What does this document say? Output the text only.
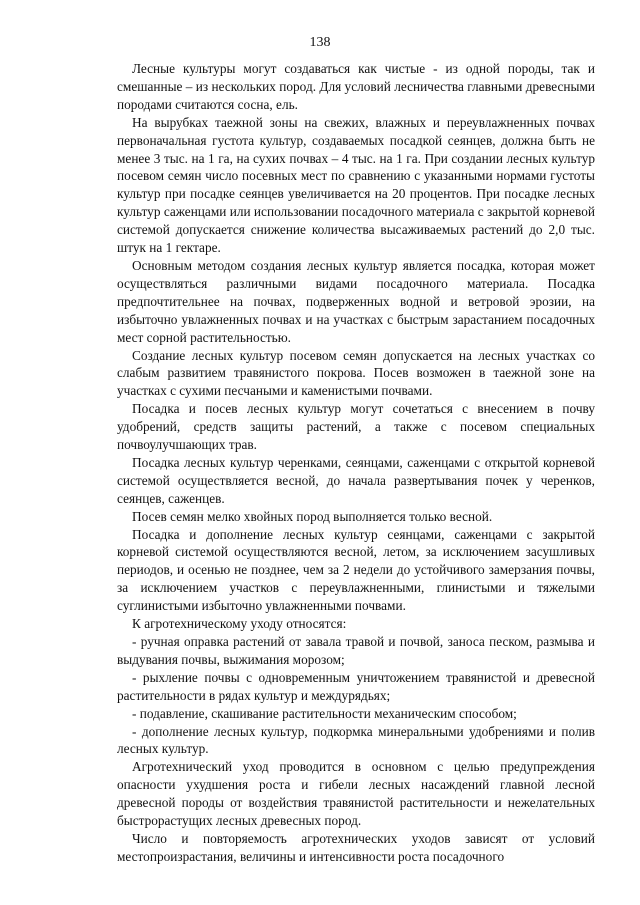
138

Лесные культуры могут создаваться как чистые - из одной породы, так и смешанные – из нескольких пород. Для условий лесничества главными древесными породами считаются сосна, ель.

На вырубках таежной зоны на свежих, влажных и переувлажненных почвах первоначальная густота культур, создаваемых посадкой сеянцев, должна быть не менее 3 тыс. на 1 га, на сухих почвах – 4 тыс. на 1 га. При создании лесных культур посевом семян число посевных мест по сравнению с указанными нормами густоты культур при посадке сеянцев увеличивается на 20 процентов. При посадке лесных культур саженцами или использовании посадочного материала с закрытой корневой системой допускается снижение количества высаживаемых растений до 2,0 тыс. штук на 1 гектаре.

Основным методом создания лесных культур является посадка, которая может осуществляться различными видами посадочного материала. Посадка предпочтительнее на почвах, подверженных водной и ветровой эрозии, на избыточно увлажненных почвах и на участках с быстрым зарастанием посадочных мест сорной растительностью.

Создание лесных культур посевом семян допускается на лесных участках со слабым развитием травянистого покрова. Посев возможен в таежной зоне на участках с сухими песчаными и каменистыми почвами.

Посадка и посев лесных культур могут сочетаться с внесением в почву удобрений, средств защиты растений, а также с посевом специальных почвоулучшающих трав.

Посадка лесных культур черенками, сеянцами, саженцами с открытой корневой системой осуществляется весной, до начала развертывания почек у черенков, сеянцев, саженцев.

Посев семян мелко хвойных пород выполняется только весной.

Посадка и дополнение лесных культур сеянцами, саженцами с закрытой корневой системой осуществляются весной, летом, за исключением засушливых периодов, и осенью не позднее, чем за 2 недели до устойчивого замерзания почвы, за исключением участков с переувлажненными, глинистыми и тяжелыми суглинистыми избыточно увлажненными почвами.

К агротехническому уходу относятся:

- ручная оправка растений от завала травой и почвой, заноса песком, размыва и выдувания почвы, выжимания морозом;

- рыхление почвы с одновременным уничтожением травянистой и древесной растительности в рядах культур и междурядьях;

- подавление, скашивание растительности механическим способом;

- дополнение лесных культур, подкормка минеральными удобрениями и полив лесных культур.

Агротехнический уход проводится в основном с целью предупреждения опасности ухудшения роста и гибели лесных насаждений главной лесной древесной породы от воздействия травянистой растительности и нежелательных быстрорастущих лесных древесных пород.

Число и повторяемость агротехнических уходов зависят от условий местопроизрастания, величины и интенсивности роста посадочного
